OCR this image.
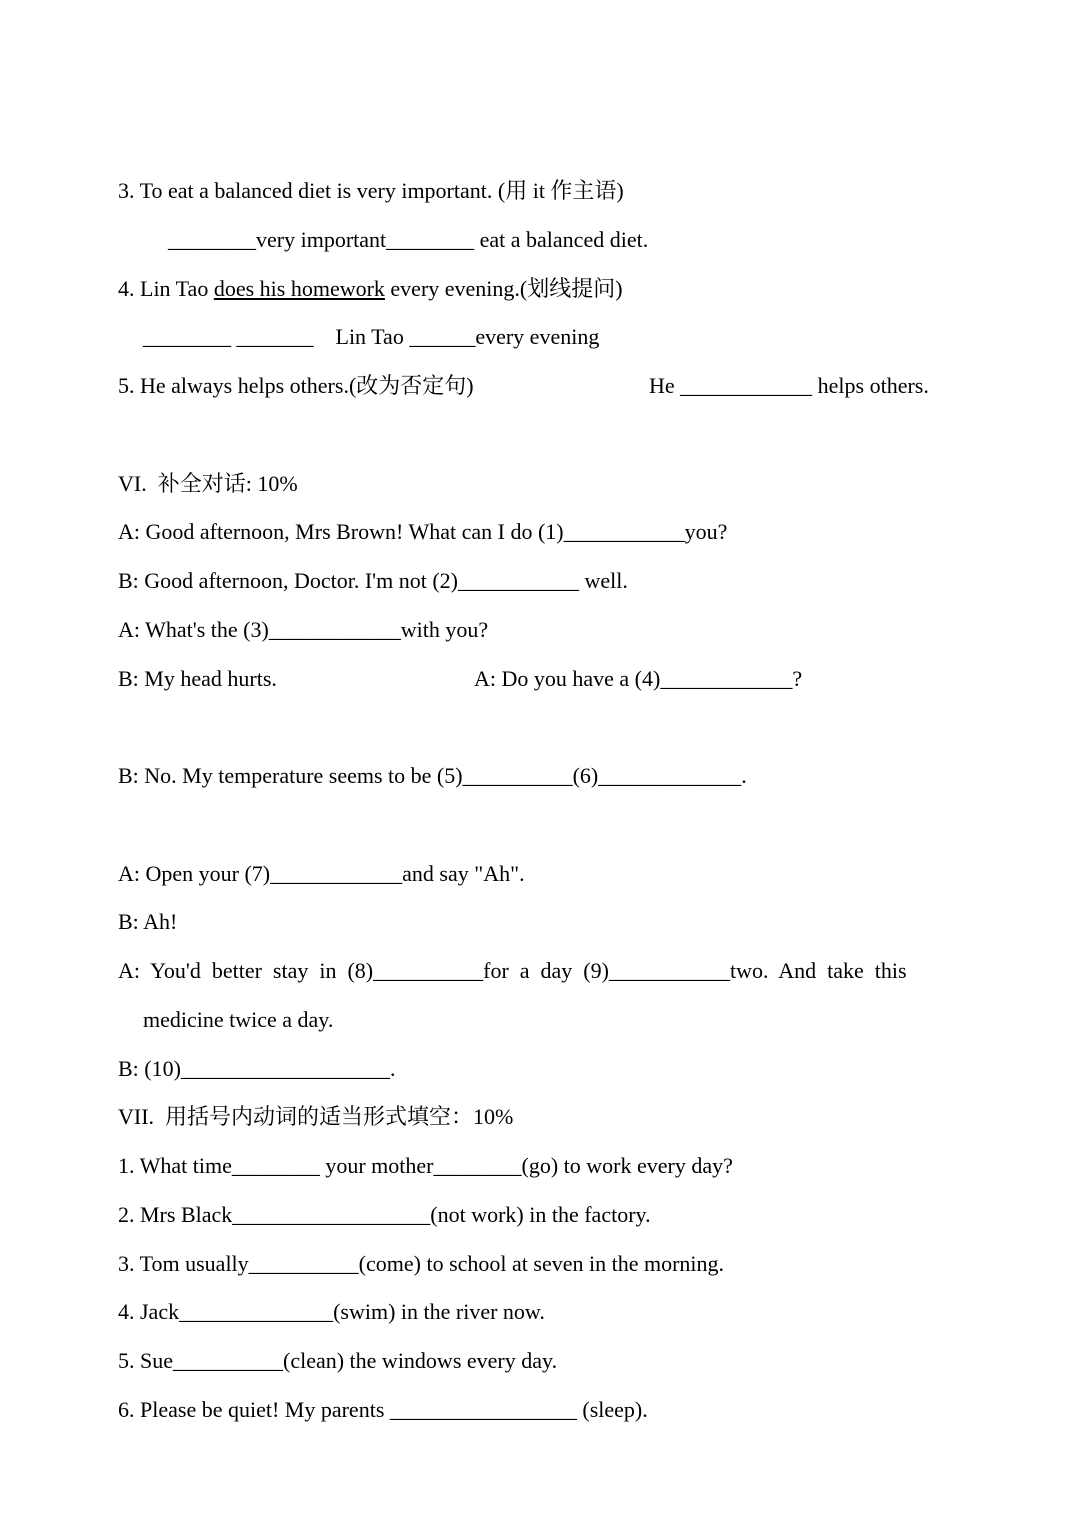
3. To eat a balanced diet is very important. (用 it 作主语)
________very important________ eat a balanced diet.
4. Lin Tao does his homework every evening.(划线提问)
________ _______    Lin Tao ______every evening
5. He always helps others.(改为否定句)	He ____________ helps others.
VI.  补全对话: 10%
A: Good afternoon, Mrs Brown! What can I do (1)___________you?
B: Good afternoon, Doctor. I'm not (2)___________ well.
A: What's the (3)____________with you?
B: My head hurts.	A: Do you have a (4)____________?
B: No. My temperature seems to be (5)__________(6)_____________.
A: Open your (7)____________and say "Ah".
B: Ah!
A:  You'd  better  stay  in  (8)__________for  a  day  (9)___________two.  And  take  this
medicine twice a day.
B: (10)___________________.
VII.  用括号内动词的适当形式填空：10%
1. What time________ your mother________(go) to work every day?
2. Mrs Black__________________(not work) in the factory.
3. Tom usually__________(come) to school at seven in the morning.
4. Jack______________(swim) in the river now.
5. Sue__________(clean) the windows every day.
6. Please be quiet! My parents _________________ (sleep).
